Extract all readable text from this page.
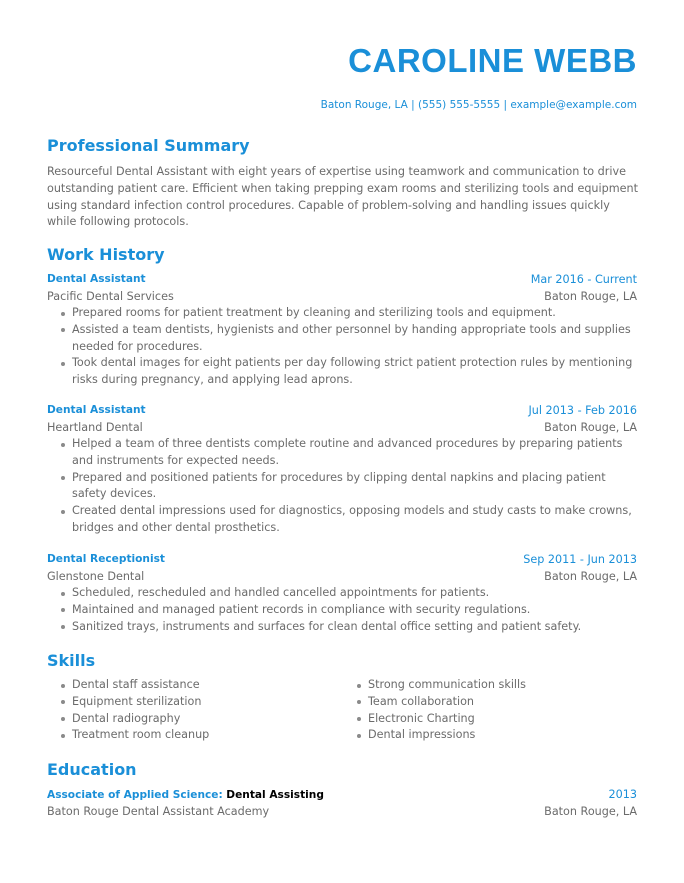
CAROLINE WEBB
Baton Rouge, LA | (555) 555-5555 | example@example.com
Professional Summary

Resourceful Dental Assistant with eight years of expertise using teamwork and communication to drive outstanding patient care. Efficient when taking prepping exam rooms and sterilizing tools and equipment using standard infection control procedures. Capable of problem-solving and handling issues quickly while following protocols.

Work History
Dental Assistant	Mar 2016 - Current
Pacific Dental Services	Baton Rouge, LA
Prepared rooms for patient treatment by cleaning and sterilizing tools and equipment.
Assisted a team dentists, hygienists and other personnel by handing appropriate tools and supplies needed for procedures.
Took dental images for eight patients per day following strict patient protection rules by mentioning risks during pregnancy, and applying lead aprons.
Dental Assistant	Jul 2013 - Feb 2016
Heartland Dental	Baton Rouge, LA
Helped a team of three dentists complete routine and advanced procedures by preparing patients and instruments for expected needs.
Prepared and positioned patients for procedures by clipping dental napkins and placing patient safety devices.
Created dental impressions used for diagnostics, opposing models and study casts to make crowns, bridges and other dental prosthetics.
Dental Receptionist	Sep 2011 - Jun 2013
Glenstone Dental	Baton Rouge, LA
Scheduled, rescheduled and handled cancelled appointments for patients.
Maintained and managed patient records in compliance with security regulations.
Sanitized trays, instruments and surfaces for clean dental office setting and patient safety.
Skills
Dental staff assistance
Equipment sterilization
Dental radiography
Treatment room cleanup
Strong communication skills
Team collaboration
Electronic Charting
Dental impressions
Education
Associate of Applied Science: Dental Assisting	2013
Baton Rouge Dental Assistant Academy	Baton Rouge, LA
